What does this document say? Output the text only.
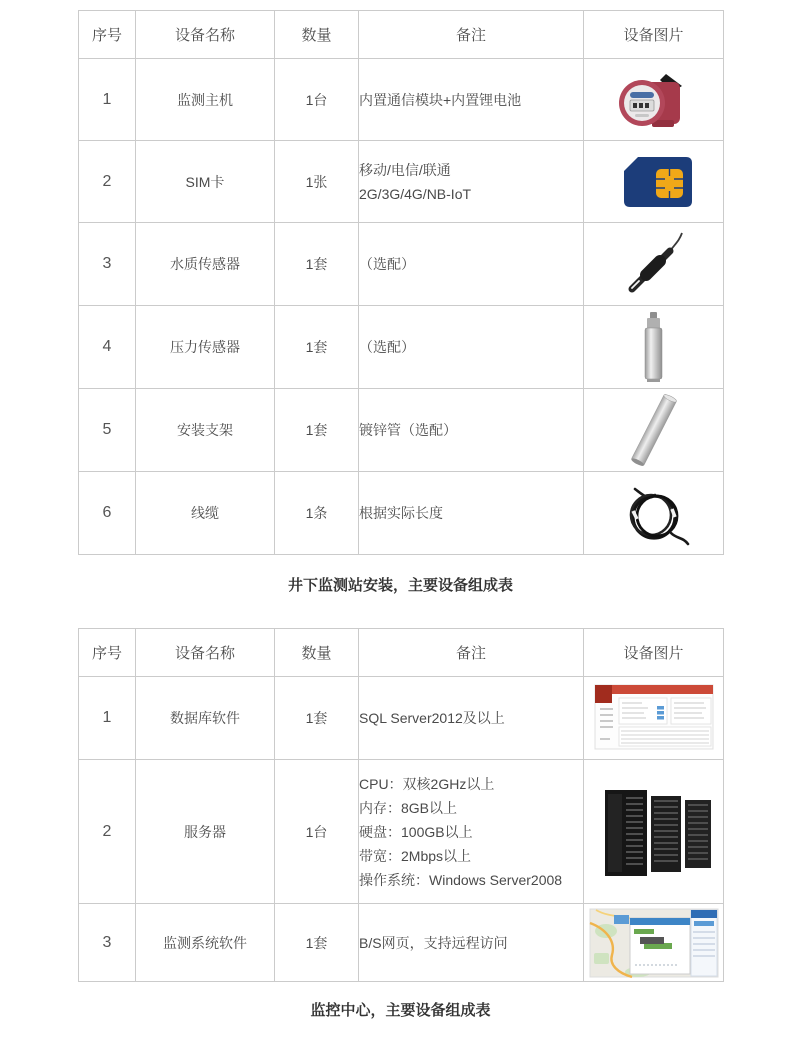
序号	设备名称	数量	备注	设备图片
1	监测主机	1台	内置通信模块+内置锂电池	

2	SIM卡	1张	移动/电信/联通
2G/3G/4G/NB-IoT

3	水质传感器	1套	（选配）	

4	压力传感器	1套	（选配）	

5	安装支架	1套	镀锌管（选配）	

6	线缆	1条	根据实际长度	
井下监测站安装，主要设备组成表
序号	设备名称	数量	备注	设备图片
1	数据库软件	1套	SQL Server2012及以上	

2	服务器	1台	CPU：双核2GHz以上
内存：8GB以上
硬盘：100GB以上
带宽：2Mbps以上
操作系统：Windows Server2008

3	监测系统软件	1套	B/S网页，支持远程访问	
监控中心，主要设备组成表
